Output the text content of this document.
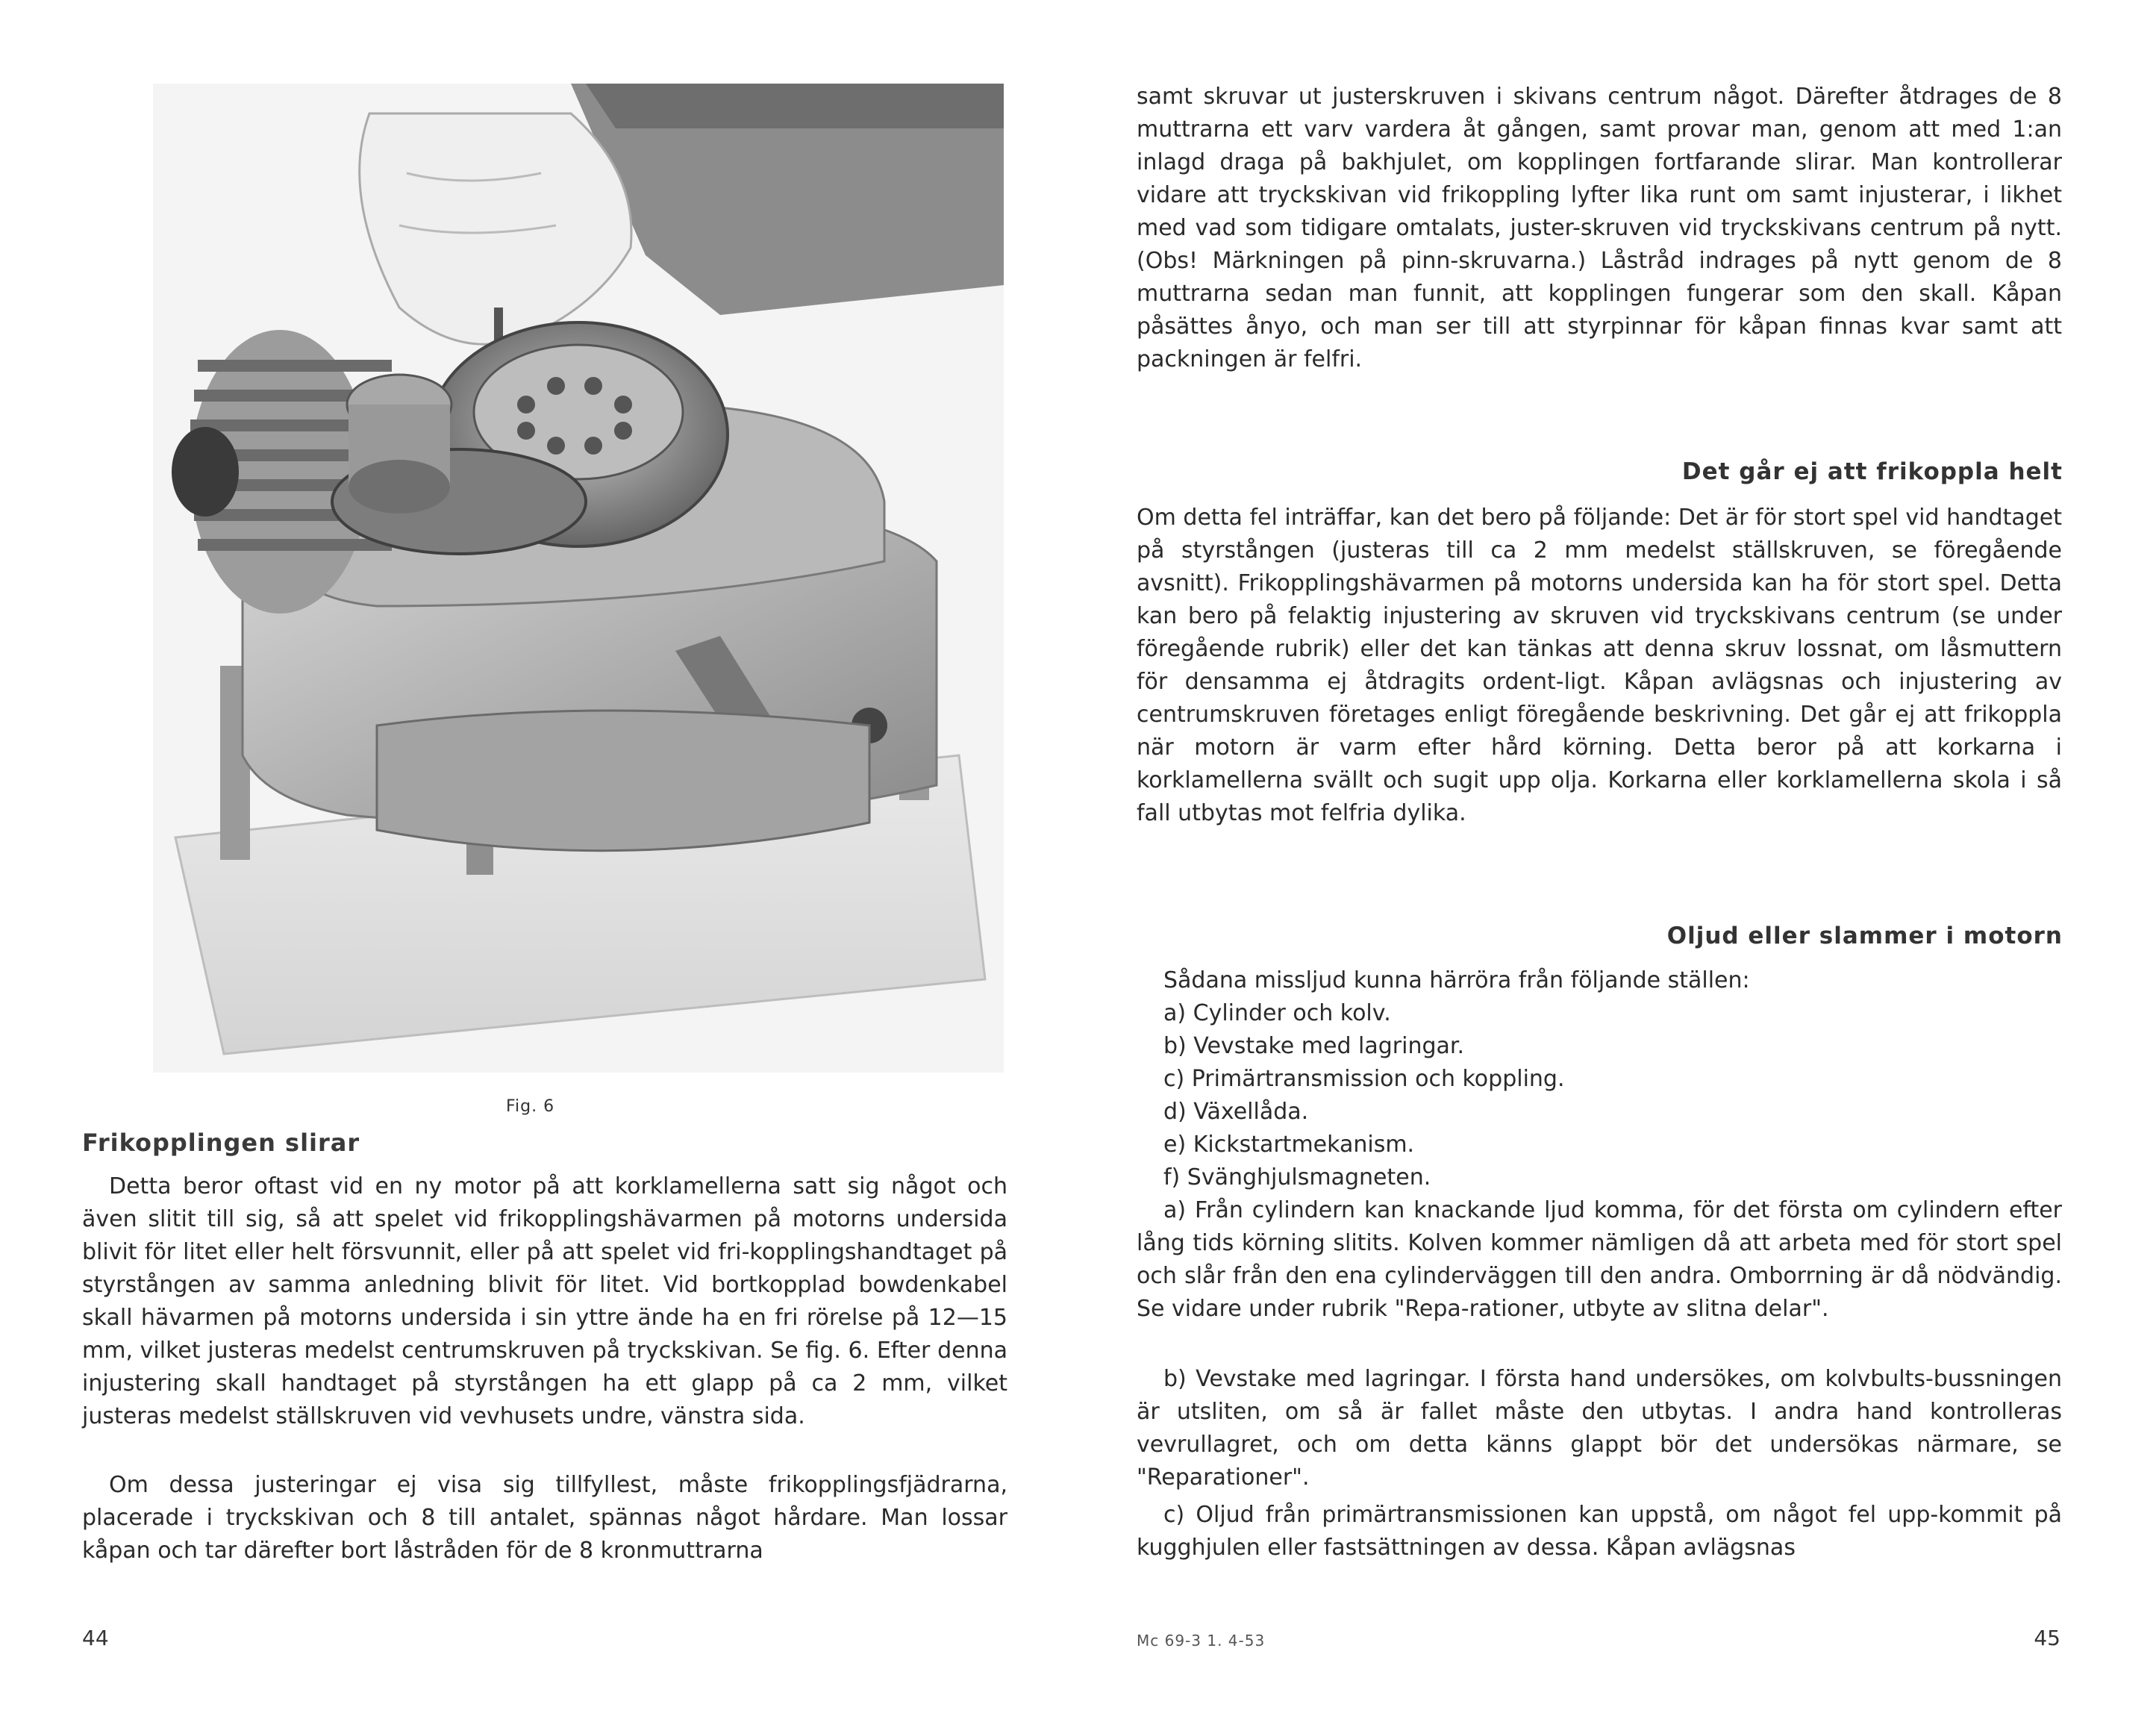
Fig. 6
Frikopplingen slirar

Detta beror oftast vid en ny motor på att korklamellerna satt sig något och även slitit till sig, så att spelet vid frikopplingshävarmen på motorns undersida blivit för litet eller helt försvunnit, eller på att spelet vid fri-kopplingshandtaget på styrstången av samma anledning blivit för litet. Vid bortkopplad bowdenkabel skall hävarmen på motorns undersida i sin yttre ände ha en fri rörelse på 12—15 mm, vilket justeras medelst centrumskruven på tryckskivan. Se fig. 6. Efter denna injustering skall handtaget på styrstången ha ett glapp på ca 2 mm, vilket justeras medelst ställskruven vid vevhusets undre, vänstra sida.

Om dessa justeringar ej visa sig tillfyllest, måste frikopplingsfjädrarna, placerade i tryckskivan och 8 till antalet, spännas något hårdare. Man lossar kåpan och tar därefter bort låstråden för de 8 kronmuttrarna

44

samt skruvar ut justerskruven i skivans centrum något. Därefter åtdrages de 8 muttrarna ett varv vardera åt gången, samt provar man, genom att med 1:an inlagd draga på bakhjulet, om kopplingen fortfarande slirar. Man kontrollerar vidare att tryckskivan vid frikoppling lyfter lika runt om samt injusterar, i likhet med vad som tidigare omtalats, juster-skruven vid tryckskivans centrum på nytt. (Obs! Märkningen på pinn-skruvarna.) Låstråd indrages på nytt genom de 8 muttrarna sedan man funnit, att kopplingen fungerar som den skall. Kåpan påsättes ånyo, och man ser till att styrpinnar för kåpan finnas kvar samt att packningen är felfri.

Det går ej att frikoppla helt

Om detta fel inträffar, kan det bero på följande: Det är för stort spel vid handtaget på styrstången (justeras till ca 2 mm medelst ställskruven, se föregående avsnitt). Frikopplingshävarmen på motorns undersida kan ha för stort spel. Detta kan bero på felaktig injustering av skruven vid tryckskivans centrum (se under föregående rubrik) eller det kan tänkas att denna skruv lossnat, om låsmuttern för densamma ej åtdragits ordent-ligt. Kåpan avlägsnas och injustering av centrumskruven företages enligt föregående beskrivning. Det går ej att frikoppla när motorn är varm efter hård körning. Detta beror på att korkarna i korklamellerna svällt och sugit upp olja. Korkarna eller korklamellerna skola i så fall utbytas mot felfria dylika.

Oljud eller slammer i motorn
Sådana missljud kunna härröra från följande ställen:
a) Cylinder och kolv.
b) Vevstake med lagringar.
c) Primärtransmission och koppling.
d) Växellåda.
e) Kickstartmekanism.
f) Svänghjulsmagneten.

a) Från cylindern kan knackande ljud komma, för det första om cylindern efter lång tids körning slitits. Kolven kommer nämligen då att arbeta med för stort spel och slår från den ena cylinderväggen till den andra. Omborrning är då nödvändig. Se vidare under rubrik "Repa-rationer, utbyte av slitna delar".

b) Vevstake med lagringar. I första hand undersökes, om kolvbults-bussningen är utsliten, om så är fallet måste den utbytas. I andra hand kontrolleras vevrullagret, och om detta känns glappt bör det undersökas närmare, se "Reparationer".

c) Oljud från primärtransmissionen kan uppstå, om något fel upp-kommit på kugghjulen eller fastsättningen av dessa. Kåpan avlägsnas

Mc 69-3 1. 4-53	45
